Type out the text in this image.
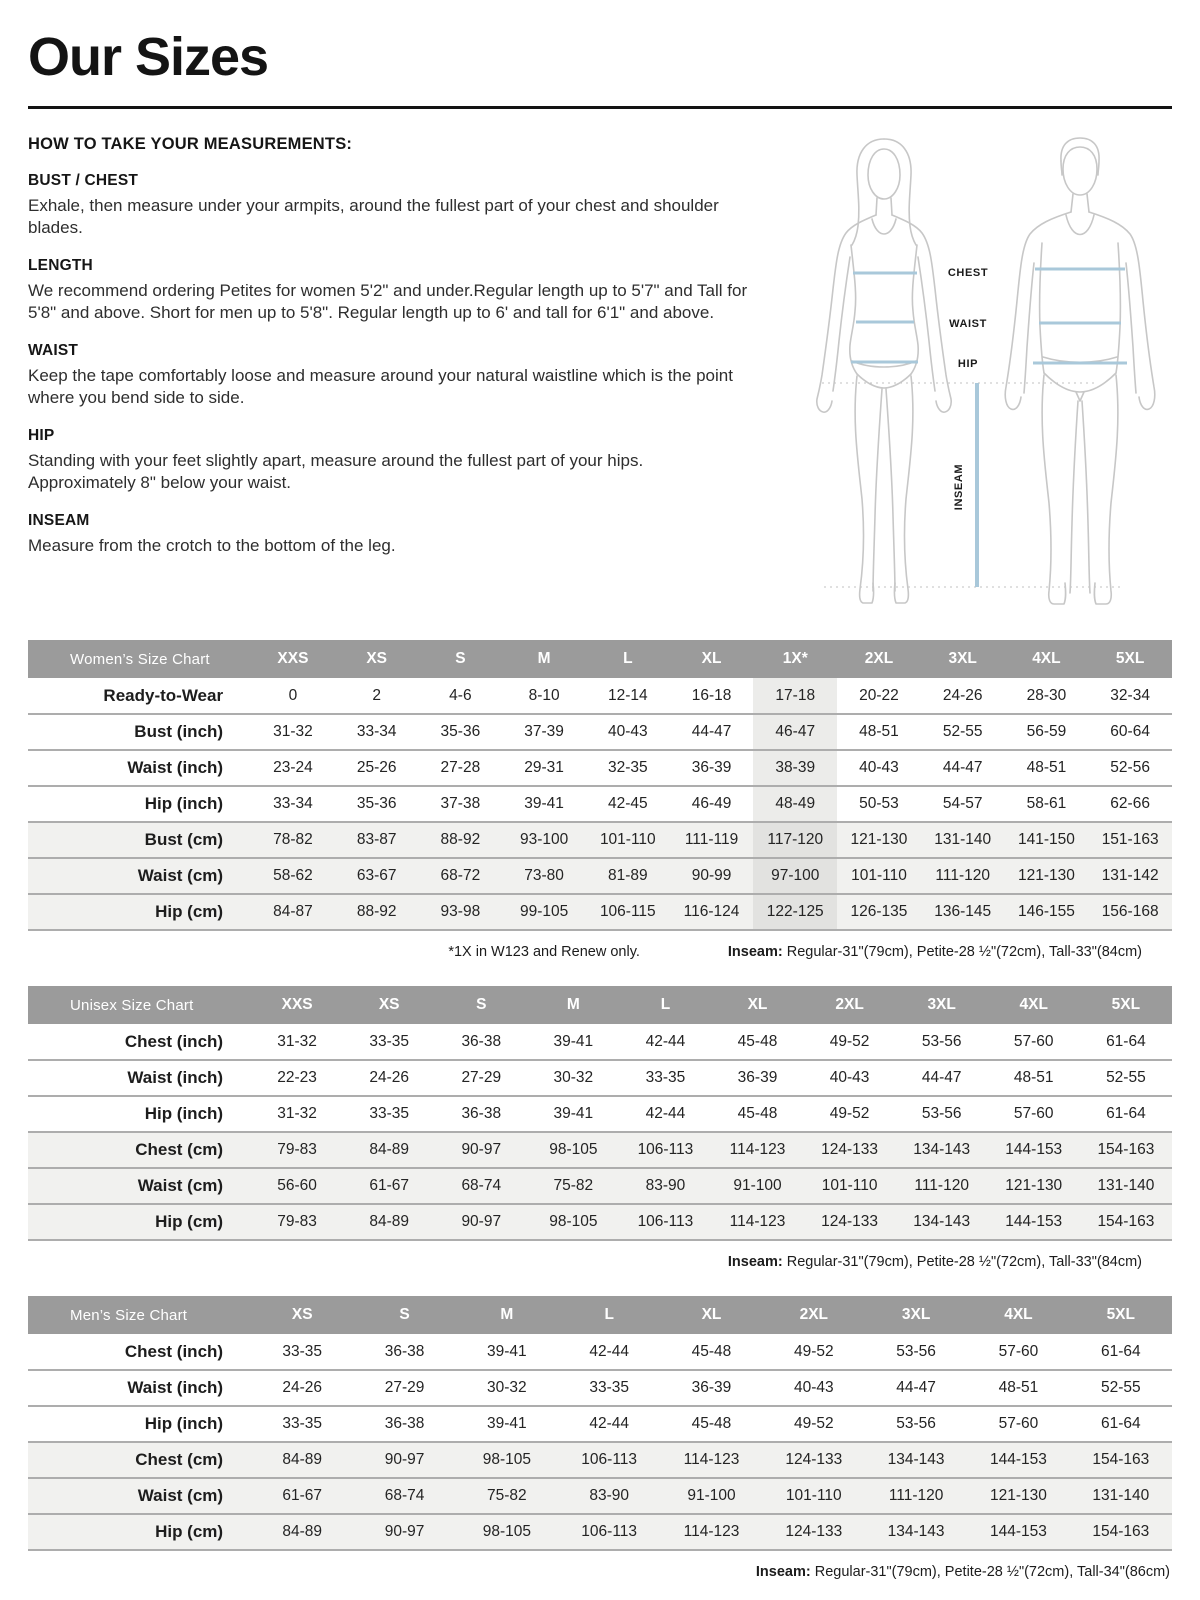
Our Sizes
HOW TO TAKE YOUR MEASUREMENTS:
BUST / CHEST

Exhale, then measure under your armpits, around the fullest part of your chest and shoulder blades.

LENGTH

We recommend ordering Petites for women 5'2" and under.Regular length up to 5'7" and Tall for 5'8" and above. Short for men up to 5'8". Regular length up to 6' and tall for 6'1" and above.

WAIST

Keep the tape comfortably loose and measure around your natural waistline which is the point where you bend side to side.

HIP

Standing with your feet slightly apart, measure around the fullest part of your hips. Approximately 8" below your waist.

INSEAM

Measure from the crotch to the bottom of the leg.

CHEST
WAIST
HIP
INSEAM
Women’s Size Chart	XXS	XS	S	M	L	XL	1X*	2XL	3XL	4XL	5XL
Ready-to-Wear	0	2	4-6	8-10	12-14	16-18	17-18	20-22	24-26	28-30	32-34
Bust (inch)	31-32	33-34	35-36	37-39	40-43	44-47	46-47	48-51	52-55	56-59	60-64
Waist (inch)	23-24	25-26	27-28	29-31	32-35	36-39	38-39	40-43	44-47	48-51	52-56
Hip (inch)	33-34	35-36	37-38	39-41	42-45	46-49	48-49	50-53	54-57	58-61	62-66
Bust (cm)	78-82	83-87	88-92	93-100	101-110	111-119	117-120	121-130	131-140	141-150	151-163
Waist (cm)	58-62	63-67	68-72	73-80	81-89	90-99	97-100	101-110	111-120	121-130	131-142
Hip (cm)	84-87	88-92	93-98	99-105	106-115	116-124	122-125	126-135	136-145	146-155	156-168
*1X in W123 and Renew only.	Inseam: Regular-31"(79cm), Petite-28 ½"(72cm), Tall-33"(84cm)
Unisex Size Chart	XXS	XS	S	M	L	XL	2XL	3XL	4XL	5XL
Chest (inch)	31-32	33-35	36-38	39-41	42-44	45-48	49-52	53-56	57-60	61-64
Waist (inch)	22-23	24-26	27-29	30-32	33-35	36-39	40-43	44-47	48-51	52-55
Hip (inch)	31-32	33-35	36-38	39-41	42-44	45-48	49-52	53-56	57-60	61-64
Chest (cm)	79-83	84-89	90-97	98-105	106-113	114-123	124-133	134-143	144-153	154-163
Waist (cm)	56-60	61-67	68-74	75-82	83-90	91-100	101-110	111-120	121-130	131-140
Hip (cm)	79-83	84-89	90-97	98-105	106-113	114-123	124-133	134-143	144-153	154-163
Inseam: Regular-31"(79cm), Petite-28 ½"(72cm), Tall-33"(84cm)
Men’s Size Chart	XS	S	M	L	XL	2XL	3XL	4XL	5XL
Chest (inch)	33-35	36-38	39-41	42-44	45-48	49-52	53-56	57-60	61-64
Waist (inch)	24-26	27-29	30-32	33-35	36-39	40-43	44-47	48-51	52-55
Hip (inch)	33-35	36-38	39-41	42-44	45-48	49-52	53-56	57-60	61-64
Chest (cm)	84-89	90-97	98-105	106-113	114-123	124-133	134-143	144-153	154-163
Waist (cm)	61-67	68-74	75-82	83-90	91-100	101-110	111-120	121-130	131-140
Hip (cm)	84-89	90-97	98-105	106-113	114-123	124-133	134-143	144-153	154-163
Inseam: Regular-31"(79cm), Petite-28 ½"(72cm), Tall-34"(86cm)
